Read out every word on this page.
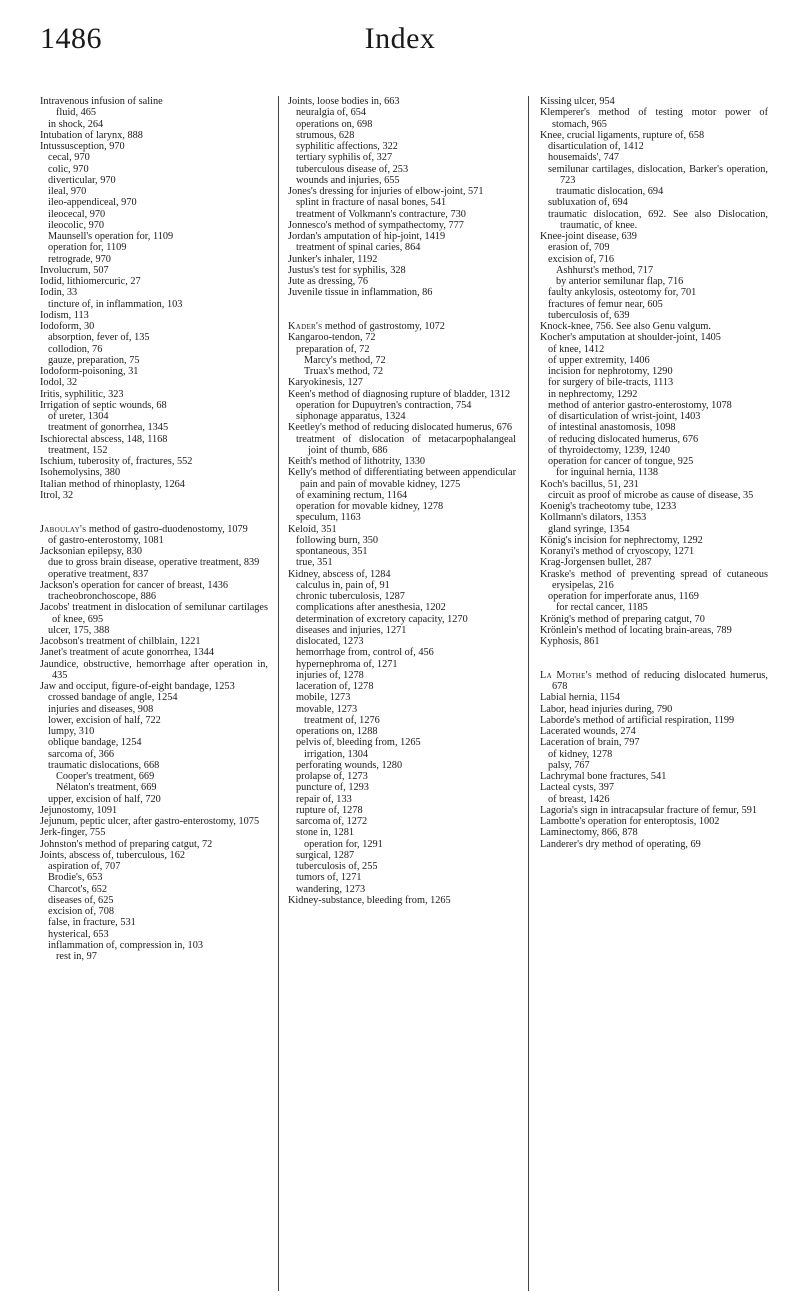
1486	Index
Intravenous infusion of saline
fluid, 465
in shock, 264
Intubation of larynx, 888
Intussusception, 970
cecal, 970
colic, 970
diverticular, 970
ileal, 970
ileo-appendiceal, 970
ileocecal, 970
ileocolic, 970
Maunsell's operation for, 1109
operation for, 1109
retrograde, 970
Involucrum, 507
Iodid, lithiomercuric, 27
Iodin, 33
tincture of, in inflammation, 103
Iodism, 113
Iodoform, 30
absorption, fever of, 135
collodion, 76
gauze, preparation, 75
Iodoform-poisoning, 31
Iodol, 32
Iritis, syphilitic, 323
Irrigation of septic wounds, 68
of ureter, 1304
treatment of gonorrhea, 1345
Ischiorectal abscess, 148, 1168
treatment, 152
Ischium, tuberosity of, fractures, 552
Isohemolysins, 380
Italian method of rhinoplasty, 1264
Itrol, 32
Jaboulay's method of gastro-duodenostomy, 1079
of gastro-enterostomy, 1081
Jacksonian epilepsy, 830
due to gross brain disease, operative treatment, 839
operative treatment, 837
Jackson's operation for cancer of breast, 1436
tracheobronchoscope, 886
Jacobs' treatment in dislocation of semilunar cartilages of knee, 695
ulcer, 175, 388
Jacobson's treatment of chilblain, 1221
Janet's treatment of acute gonorrhea, 1344
Jaundice, obstructive, hemorrhage after operation in, 435
Jaw and occiput, figure-of-eight bandage, 1253
crossed bandage of angle, 1254
injuries and diseases, 908
lower, excision of half, 722
lumpy, 310
oblique bandage, 1254
sarcoma of, 366
traumatic dislocations, 668
Cooper's treatment, 669
Nélaton's treatment, 669
upper, excision of half, 720
Jejunostomy, 1091
Jejunum, peptic ulcer, after gastro-enterostomy, 1075
Jerk-finger, 755
Johnston's method of preparing catgut, 72
Joints, abscess of, tuberculous, 162
aspiration of, 707
Brodie's, 653
Charcot's, 652
diseases of, 625
excision of, 708
false, in fracture, 531
hysterical, 653
inflammation of, compression in, 103
rest in, 97
Joints, loose bodies in, 663
neuralgia of, 654
operations on, 698
strumous, 628
syphilitic affections, 322
tertiary syphilis of, 327
tuberculous disease of, 253
wounds and injuries, 655
Jones's dressing for injuries of elbow-joint, 571
splint in fracture of nasal bones, 541
treatment of Volkmann's contracture, 730
Jonnesco's method of sympathectomy, 777
Jordan's amputation of hip-joint, 1419
treatment of spinal caries, 864
Junker's inhaler, 1192
Justus's test for syphilis, 328
Jute as dressing, 76
Juvenile tissue in inflammation, 86
Kader's method of gastrostomy, 1072
Kangaroo-tendon, 72
preparation of, 72
Marcy's method, 72
Truax's method, 72
Karyokinesis, 127
Keen's method of diagnosing rupture of bladder, 1312
operation for Dupuytren's contraction, 754
siphonage apparatus, 1324
Keetley's method of reducing dislocated humerus, 676
treatment of dislocation of metacarpophalangeal joint of thumb, 686
Keith's method of lithotrity, 1330
Kelly's method of differentiating between appendicular pain and pain of movable kidney, 1275
of examining rectum, 1164
operation for movable kidney, 1278
speculum, 1163
Keloid, 351
following burn, 350
spontaneous, 351
true, 351
Kidney, abscess of, 1284
calculus in, pain of, 91
chronic tuberculosis, 1287
complications after anesthesia, 1202
determination of excretory capacity, 1270
diseases and injuries, 1271
dislocated, 1273
hemorrhage from, control of, 456
hypernephroma of, 1271
injuries of, 1278
laceration of, 1278
mobile, 1273
movable, 1273
treatment of, 1276
operations on, 1288
pelvis of, bleeding from, 1265
irrigation, 1304
perforating wounds, 1280
prolapse of, 1273
puncture of, 1293
repair of, 133
rupture of, 1278
sarcoma of, 1272
stone in, 1281
operation for, 1291
surgical, 1287
tuberculosis of, 255
tumors of, 1271
wandering, 1273
Kidney-substance, bleeding from, 1265
Kissing ulcer, 954
Klemperer's method of testing motor power of stomach, 965
Knee, crucial ligaments, rupture of, 658
disarticulation of, 1412
housemaids', 747
semilunar cartilages, dislocation, Barker's operation, 723
traumatic dislocation, 694
subluxation of, 694
traumatic dislocation, 692. See also Dislocation, traumatic, of knee.
Knee-joint disease, 639
erasion of, 709
excision of, 716
Ashhurst's method, 717
by anterior semilunar flap, 716
faulty ankylosis, osteotomy for, 701
fractures of femur near, 605
tuberculosis of, 639
Knock-knee, 756. See also Genu valgum.
Kocher's amputation at shoulder-joint, 1405
of knee, 1412
of upper extremity, 1406
incision for nephrotomy, 1290
for surgery of bile-tracts, 1113
in nephrectomy, 1292
method of anterior gastro-enterostomy, 1078
of disarticulation of wrist-joint, 1403
of intestinal anastomosis, 1098
of reducing dislocated humerus, 676
of thyroidectomy, 1239, 1240
operation for cancer of tongue, 925
for inguinal hernia, 1138
Koch's bacillus, 51, 231
circuit as proof of microbe as cause of disease, 35
Koenig's tracheotomy tube, 1233
Kollmann's dilators, 1353
gland syringe, 1354
König's incision for nephrectomy, 1292
Koranyi's method of cryoscopy, 1271
Krag-Jorgensen bullet, 287
Kraske's method of preventing spread of cutaneous erysipelas, 216
operation for imperforate anus, 1169
for rectal cancer, 1185
Krönig's method of preparing catgut, 70
Krönlein's method of locating brain-areas, 789
Kyphosis, 861
La Mothe's method of reducing dislocated humerus, 678
Labial hernia, 1154
Labor, head injuries during, 790
Laborde's method of artificial respiration, 1199
Lacerated wounds, 274
Laceration of brain, 797
of kidney, 1278
palsy, 767
Lachrymal bone fractures, 541
Lacteal cysts, 397
of breast, 1426
Lagoria's sign in intracapsular fracture of femur, 591
Lambotte's operation for enteroptosis, 1002
Laminectomy, 866, 878
Landerer's dry method of operating, 69
